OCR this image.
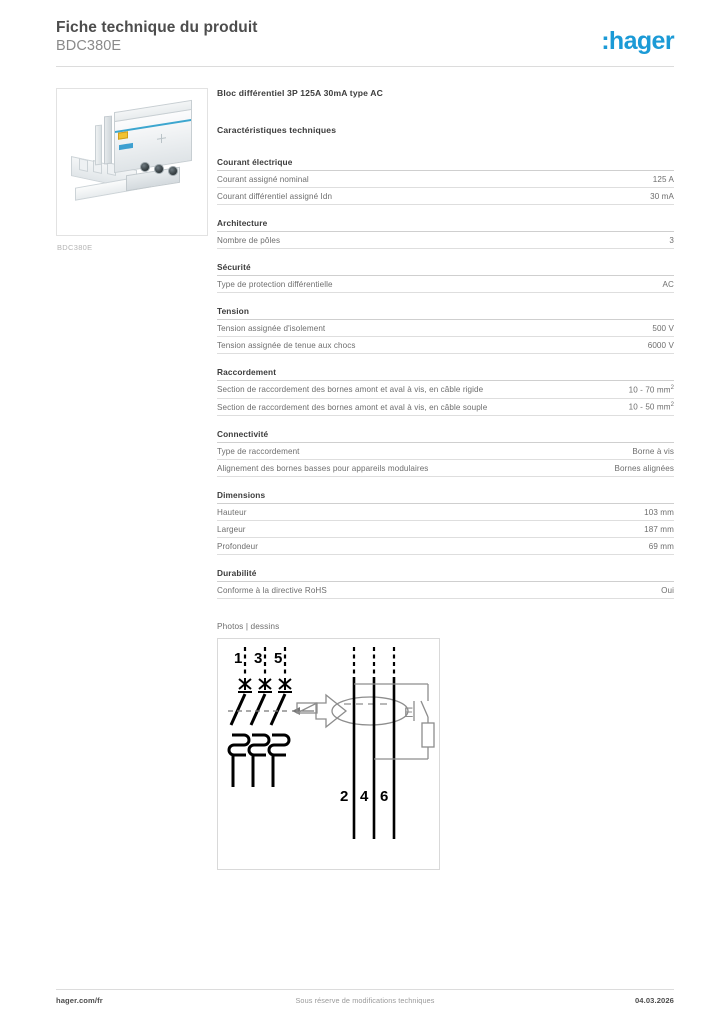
Fiche technique du produit
BDC380E	:hager
BDC380E
Bloc différentiel 3P 125A 30mA type AC
Caractéristiques techniques
Courant électrique
Courant assigné nominal	125 A
Courant différentiel assigné Idn	30 mA
Architecture
Nombre de pôles	3
Sécurité
Type de protection différentielle	AC
Tension
Tension assignée d'isolement	500 V
Tension assignée de tenue aux chocs	6000 V
Raccordement
Section de raccordement des bornes amont et aval à vis, en câble rigide	10 - 70 $mm^2$
Section de raccordement des bornes amont et aval à vis, en câble souple	10 - 50 $mm^2$
Connectivité
Type de raccordement	Borne à vis
Alignement des bornes basses pour appareils modulaires	Bornes alignées
Dimensions
Hauteur	103 mm
Largeur	187 mm
Profondeur	69 mm
Durabilité
Conforme à la directive RoHS	Oui
Photos | dessins
1 3 5
E
2 4 6
hager.com/fr	Sous réserve de modifications techniques	04.03.2026
